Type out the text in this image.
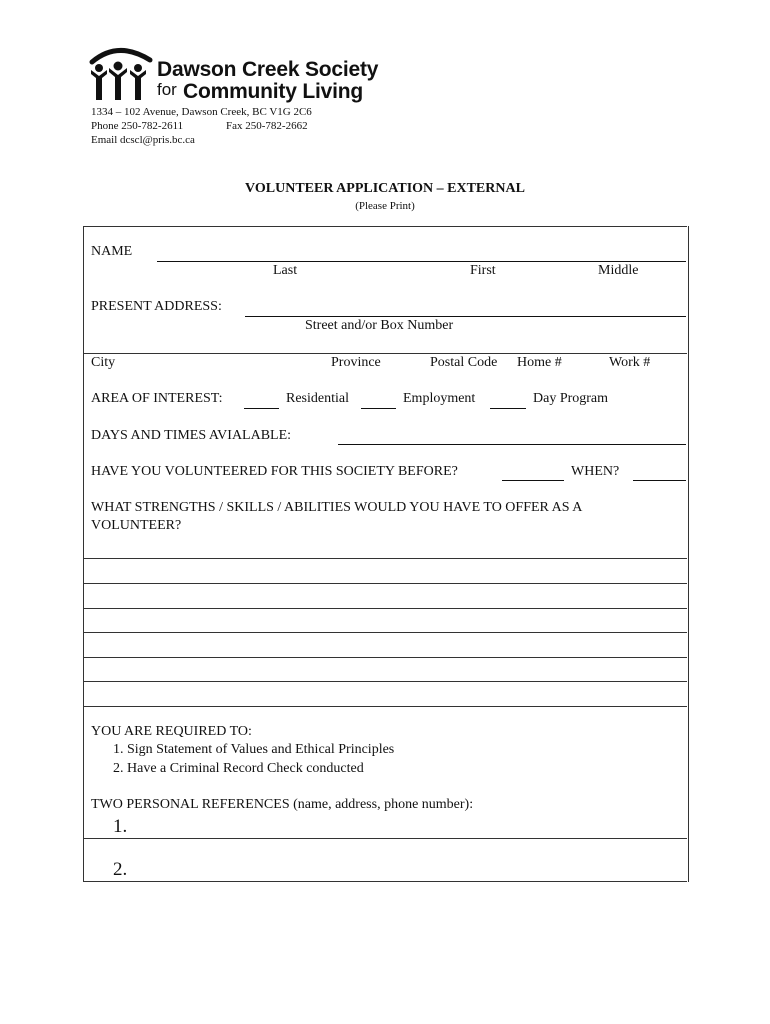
Dawson Creek Society
for Community Living
1334 – 102 Avenue, Dawson Creek, BC V1G 2C6
Phone 250-782-2611	Fax 250-782-2662
Email dcscl@pris.bc.ca
VOLUNTEER APPLICATION – EXTERNAL
(Please Print)
NAME
Last	First	Middle
PRESENT ADDRESS:
Street and/or Box Number
City	Province	Postal Code Home #	Work #
AREA OF INTEREST:	Residential	Employment	Day Program
DAYS AND TIMES AVIALABLE:
HAVE YOU VOLUNTEERED FOR THIS SOCIETY BEFORE?	WHEN?
WHAT STRENGTHS / SKILLS / ABILITIES WOULD YOU HAVE TO OFFER AS A
VOLUNTEER?
YOU ARE REQUIRED TO:
1. Sign Statement of Values and Ethical Principles
2. Have a Criminal Record Check conducted
TWO PERSONAL REFERENCES (name, address, phone number):
1.
2.
